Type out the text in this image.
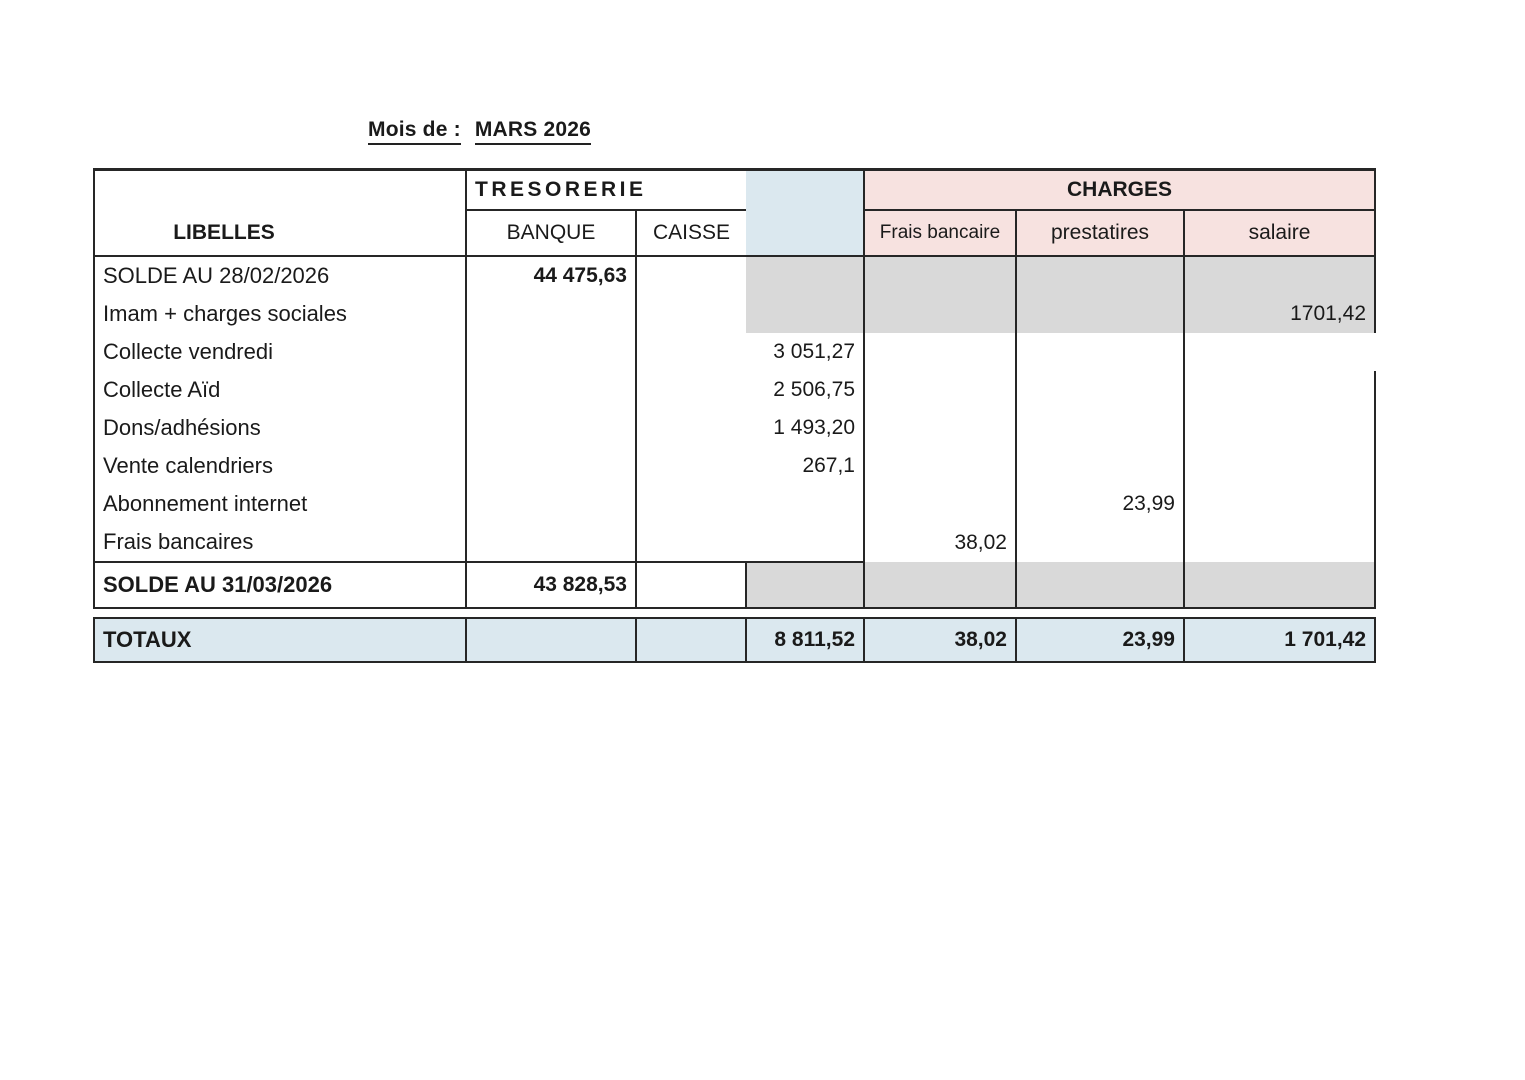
Mois de : MARS 2026
	TRESORERIE			CHARGES		
LIBELLES	BANQUE	CAISSE		Frais bancaire	prestatires	salaire
SOLDE AU 28/02/2026	44 475,63					
Imam + charges sociales						1701,42
Collecte vendredi			3 051,27			
Collecte Aïd			2 506,75			
Dons/adhésions			1 493,20			
Vente calendriers			267,1			
Abonnement internet					23,99	
Frais bancaires				38,02		
SOLDE AU 31/03/2026	43 828,53					

TOTAUX			8 811,52	38,02	23,99	1 701,42
